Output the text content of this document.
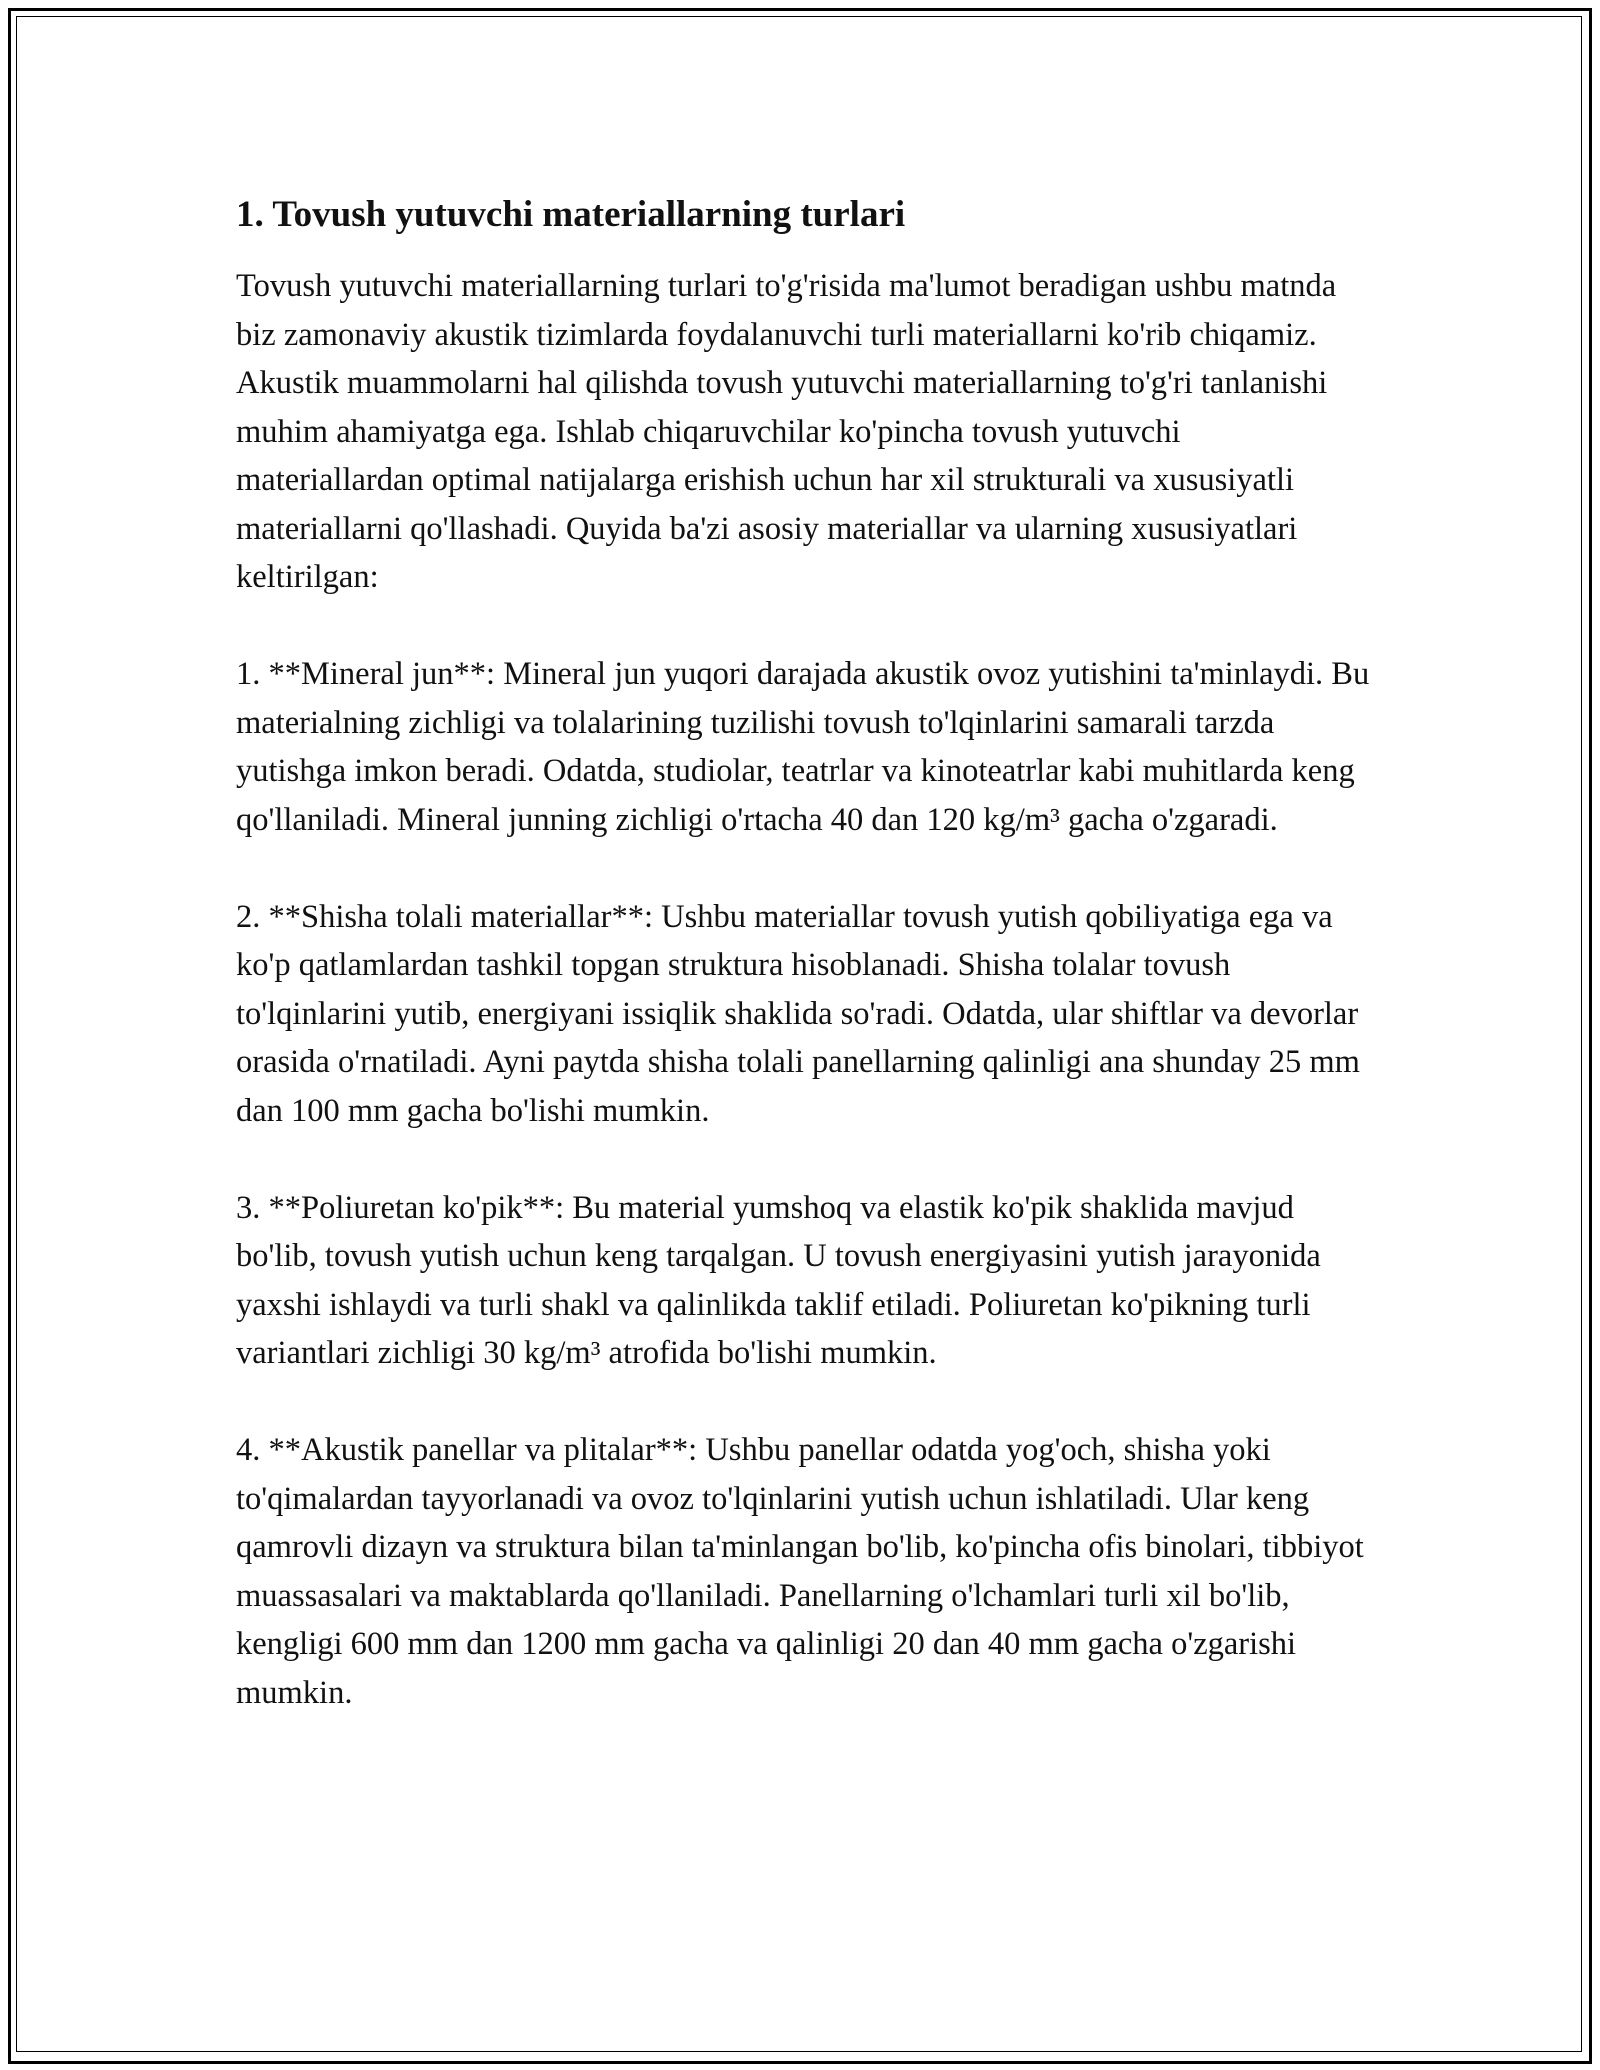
1. Tovush yutuvchi materiallarning turlari

Tovush yutuvchi materiallarning turlari to'g'risida ma'lumot beradigan ushbu matnda biz zamonaviy akustik tizimlarda foydalanuvchi turli materiallarni ko'rib chiqamiz. Akustik muammolarni hal qilishda tovush yutuvchi materiallarning to'g'ri tanlanishi muhim ahamiyatga ega. Ishlab chiqaruvchilar ko'pincha tovush yutuvchi materiallardan optimal natijalarga erishish uchun har xil strukturali va xususiyatli materiallarni qo'llashadi. Quyida ba'zi asosiy materiallar va ularning xususiyatlari keltirilgan:

1. **Mineral jun**: Mineral jun yuqori darajada akustik ovoz yutishini ta'minlaydi. Bu materialning zichligi va tolalarining tuzilishi tovush to'lqinlarini samarali tarzda yutishga imkon beradi. Odatda, studiolar, teatrlar va kinoteatrlar kabi muhitlarda keng qo'llaniladi. Mineral junning zichligi o'rtacha 40 dan 120 kg/m³ gacha o'zgaradi.

2. **Shisha tolali materiallar**: Ushbu materiallar tovush yutish qobiliyatiga ega va ko'p qatlamlardan tashkil topgan struktura hisoblanadi. Shisha tolalar tovush to'lqinlarini yutib, energiyani issiqlik shaklida so'radi. Odatda, ular shiftlar va devorlar orasida o'rnatiladi. Ayni paytda shisha tolali panellarning qalinligi ana shunday 25 mm dan 100 mm gacha bo'lishi mumkin.

3. **Poliuretan ko'pik**: Bu material yumshoq va elastik ko'pik shaklida mavjud bo'lib, tovush yutish uchun keng tarqalgan. U tovush energiyasini yutish jarayonida yaxshi ishlaydi va turli shakl va qalinlikda taklif etiladi. Poliuretan ko'pikning turli variantlari zichligi 30 kg/m³ atrofida bo'lishi mumkin.

4. **Akustik panellar va plitalar**: Ushbu panellar odatda yog'och, shisha yoki to'qimalardan tayyorlanadi va ovoz to'lqinlarini yutish uchun ishlatiladi. Ular keng qamrovli dizayn va struktura bilan ta'minlangan bo'lib, ko'pincha ofis binolari, tibbiyot muassasalari va maktablarda qo'llaniladi. Panellarning o'lchamlari turli xil bo'lib, kengligi 600 mm dan 1200 mm gacha va qalinligi 20 dan 40 mm gacha o'zgarishi mumkin.
